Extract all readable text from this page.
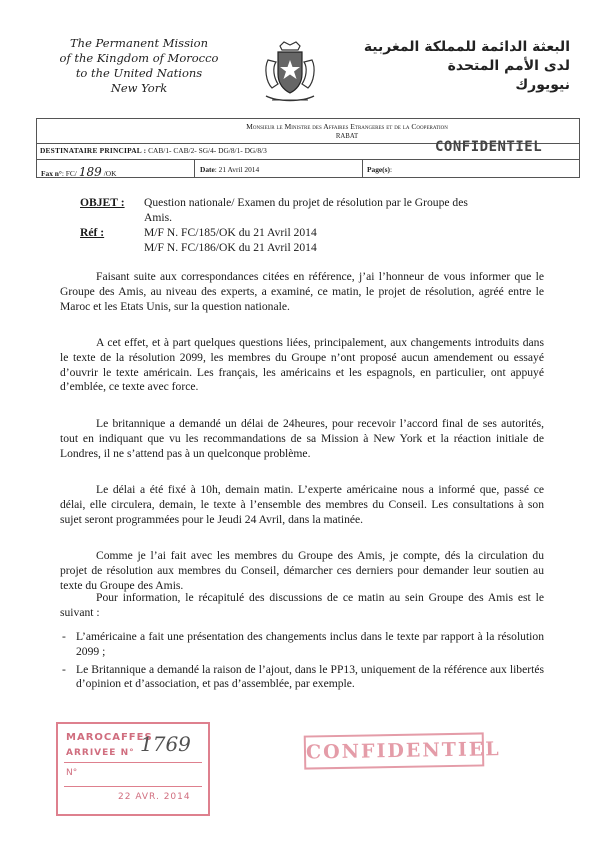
The Permanent Mission
of the Kingdom of Morocco
to the United Nations
New York
البعثة الدائمة للمملكة المغربية
لدى الأمم المتحدة
نيويورك
Monsieur le Ministre des Affaires Etrangeres et de la Cooperation
RABAT
DESTINATAIRE PRINCIPAL : CAB/1- CAB/2- SG/4- DG/8/1- DG/8/3	CONFIDENTIEL
Fax n°: FC/ 189 /OK	Date: 21 Avril 2014	Page(s):
OBJET : Question nationale/ Examen du projet de résolution par le Groupe des
Amis.
Réf :	M/F N. FC/185/OK du 21 Avril 2014
M/F N. FC/186/OK du 21 Avril 2014
Faisant suite aux correspondances citées en référence, j’ai l’honneur de vous informer que le Groupe des Amis, au niveau des experts, a examiné, ce matin, le projet de résolution, agréé entre le Maroc et les Etats Unis, sur la question nationale.
A cet effet, et à part quelques questions liées, principalement, aux changements introduits dans le texte de la résolution 2099, les membres du Groupe n’ont proposé aucun amendement ou essayé d’ouvrir le texte américain. Les français, les américains et les espagnols, en particulier, ont appuyé d’emblée, ce texte avec force.
Le britannique a demandé un délai de 24heures, pour recevoir l’accord final de ses autorités, tout en indiquant que vu les recommandations de sa Mission à New York et la réaction initiale de Londres, il ne s’attend pas à un quelconque problème.
Le délai a été fixé à 10h, demain matin. L’experte américaine nous a informé que, passé ce délai, elle circulera, demain, le texte à l’ensemble des membres du Conseil. Les consultations à son sujet seront programmées pour le Jeudi 24 Avril, dans la matinée.
Comme je l’ai fait avec les membres du Groupe des Amis, je compte, dés la circulation du projet de résolution aux membres du Conseil, démarcher ces derniers pour demander leur soutien au texte du Groupe des Amis.
Pour information, le récapitulé des discussions de ce matin au sein Groupe des Amis est le suivant :
- L’américaine a fait une présentation des changements inclus dans le texte par rapport à la résolution 2099 ;
- Le Britannique a demandé la raison de l’ajout, dans le PP13, uniquement de la référence aux libertés d’opinion et d’association, et pas d’assemblée, par exemple.
MAROCAFFES
ARRIVEE N° 1769
N°
22 AVR. 2014
CONFIDENTIEL
